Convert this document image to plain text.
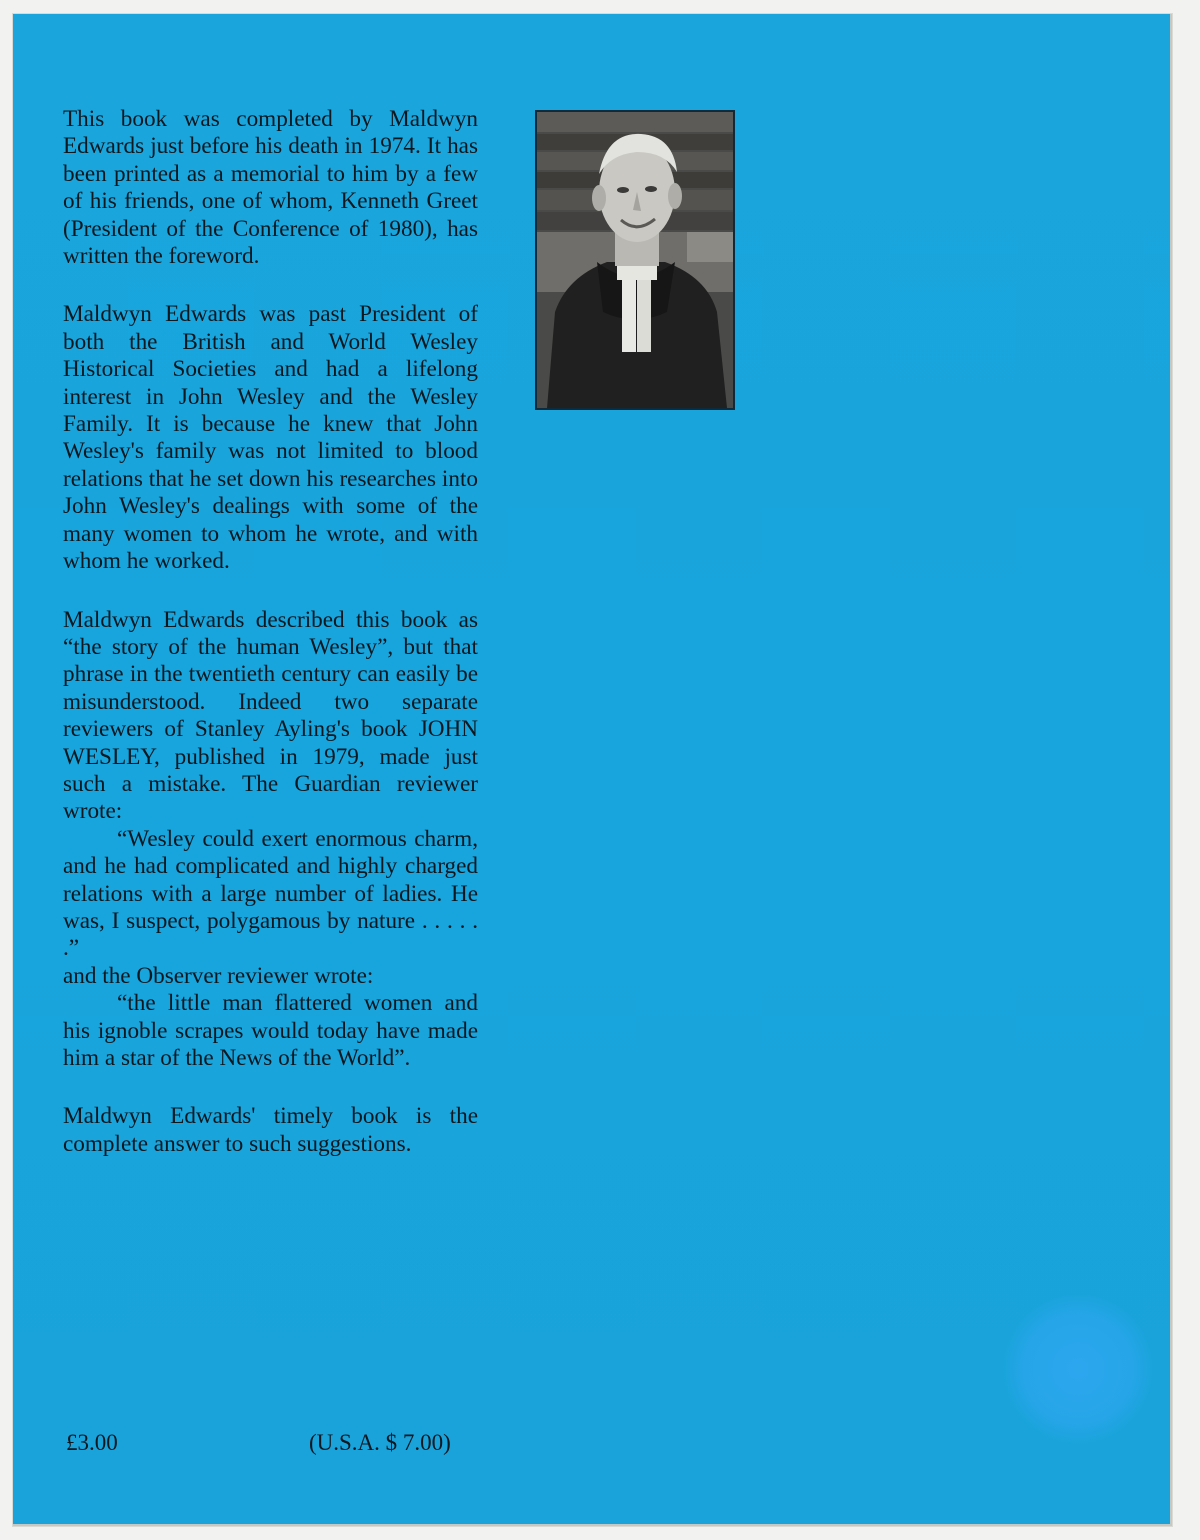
This book was completed by Maldwyn Edwards just before his death in 1974. It has been printed as a memorial to him by a few of his friends, one of whom, Kenneth Greet (President of the Conference of 1980), has written the foreword.

Maldwyn Edwards was past President of both the British and World Wesley Historical Societies and had a lifelong interest in John Wesley and the Wesley Family. It is because he knew that John Wesley's family was not limited to blood relations that he set down his researches into John Wesley's dealings with some of the many women to whom he wrote, and with whom he worked.

Maldwyn Edwards described this book as “the story of the human Wesley”, but that phrase in the twentieth century can easily be misunderstood. Indeed two separate reviewers of Stanley Ayling's book JOHN WESLEY, published in 1979, made just such a mistake. The Guardian reviewer wrote:

“Wesley could exert enormous charm, and he had complicated and highly charged relations with a large number of ladies. He was, I suspect, polygamous by nature . . . . . .”

and the Observer reviewer wrote:

“the little man flattered women and his ignoble scrapes would today have made him a star of the News of the World”.

Maldwyn Edwards' timely book is the complete answer to such suggestions.

£3.00	(U.S.A. $ 7.00)
